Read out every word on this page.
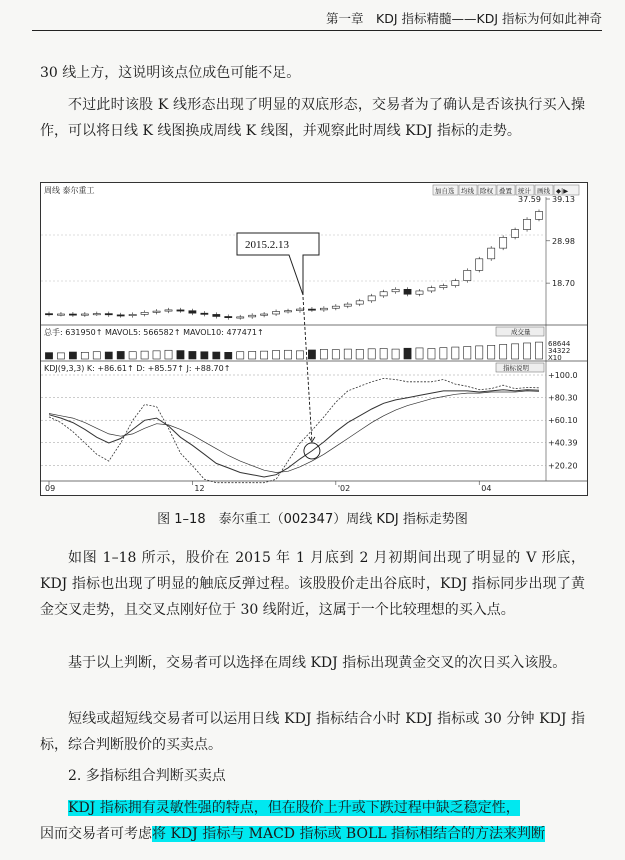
第一章　KDJ 指标精髓——KDJ 指标为何如此神奇

30 线上方，这说明该点位成色可能不足。

不过此时该股 K 线形态出现了明显的双底形态，交易者为了确认是否该执行买入操作，可以将日线 K 线图换成周线 K 线图，并观察此时周线 KDJ 指标的走势。

周线 泰尔重工	加自选 均线 除权 叠置 统计 画线 ◆|▶
39.13
28.98
18.70
37.59
总手: 631950↑ MAVOL5: 566582↑ MAVOL10: 477471↑	成交量
68644
34322
X10
KDJ(9,3,3) K: +86.61↑ D: +85.57↑ J: +88.70↑	指标说明
+100.0
+80.30
+60.10
+40.39
+20.20
09	12	'02	04
2015.2.13
图 1–18　泰尔重工（002347）周线 KDJ 指标走势图

如图 1–18 所示，股价在 2015 年 1 月底到 2 月初期间出现了明显的 V 形底，KDJ 指标也出现了明显的触底反弹过程。该股股价走出谷底时，KDJ 指标同步出现了黄金交叉走势，且交叉点刚好位于 30 线附近，这属于一个比较理想的买入点。

基于以上判断，交易者可以选择在周线 KDJ 指标出现黄金交叉的次日买入该股。

短线或超短线交易者可以运用日线 KDJ 指标结合小时 KDJ 指标或 30 分钟 KDJ 指标，综合判断股价的买卖点。

2. 多指标组合判断买卖点

KDJ 指标拥有灵敏性强的特点，但在股价上升或下跌过程中缺乏稳定性，

因而交易者可考虑将 KDJ 指标与 MACD 指标或 BOLL 指标相结合的方法来判断
